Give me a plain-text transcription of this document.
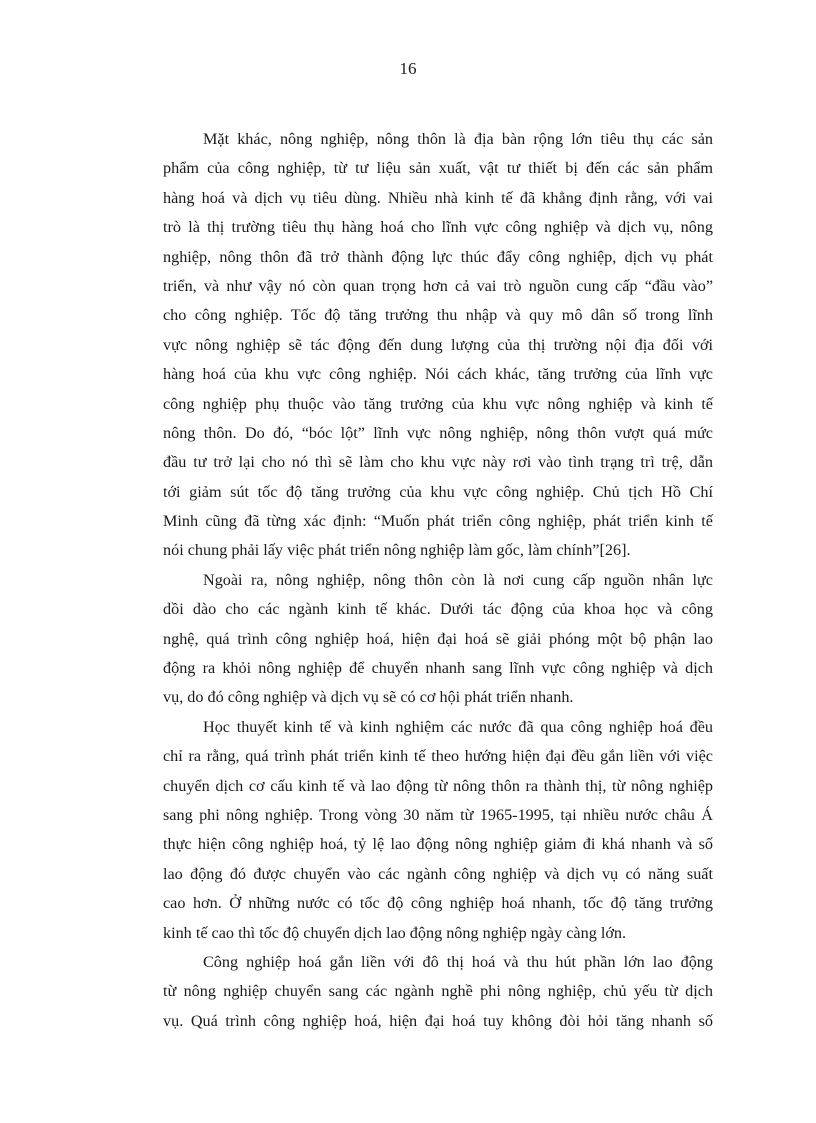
16
Mặt khác, nông nghiệp, nông thôn là địa bàn rộng lớn tiêu thụ các sản
phẩm của công nghiệp, từ tư liệu sản xuất, vật tư thiết bị đến các sản phẩm
hàng hoá và dịch vụ tiêu dùng. Nhiều nhà kinh tế đã khẳng định rằng, với vai
trò là thị trường tiêu thụ hàng hoá cho lĩnh vực công nghiệp và dịch vụ, nông
nghiệp, nông thôn đã trở thành động lực thúc đẩy công nghiệp, dịch vụ phát
triển, và như vậy nó còn quan trọng hơn cả vai trò nguồn cung cấp “đầu vào”
cho công nghiệp. Tốc độ tăng trưởng thu nhập và quy mô dân số trong lĩnh
vực nông nghiệp sẽ tác động đến dung lượng của thị trường nội địa đối với
hàng hoá của khu vực công nghiệp. Nói cách khác, tăng trưởng của lĩnh vực
công nghiệp phụ thuộc vào tăng trưởng của khu vực nông nghiệp và kinh tế
nông thôn. Do đó, “bóc lột” lĩnh vực nông nghiệp, nông thôn vượt quá mức
đầu tư trở lại cho nó thì sẽ làm cho khu vực này rơi vào tình trạng trì trệ, dẫn
tới giảm sút tốc độ tăng trưởng của khu vực công nghiệp. Chủ tịch Hồ Chí
Minh cũng đã từng xác định: “Muốn phát triển công nghiệp, phát triển kinh tế
nói chung phải lấy việc phát triển nông nghiệp làm gốc, làm chính”[26].
Ngoài ra, nông nghiệp, nông thôn còn là nơi cung cấp nguồn nhân lực
dồi dào cho các ngành kinh tế khác. Dưới tác động của khoa học và công
nghệ, quá trình công nghiệp hoá, hiện đại hoá sẽ giải phóng một bộ phận lao
động ra khỏi nông nghiệp để chuyển nhanh sang lĩnh vực công nghiệp và dịch
vụ, do đó công nghiệp và dịch vụ sẽ có cơ hội phát triển nhanh.
Học thuyết kinh tế và kinh nghiệm các nước đã qua công nghiệp hoá đều
chỉ ra rằng, quá trình phát triển kinh tế theo hướng hiện đại đều gắn liền với việc
chuyển dịch cơ cấu kinh tế và lao động từ nông thôn ra thành thị, từ nông nghiệp
sang phi nông nghiệp. Trong vòng 30 năm từ 1965-1995, tại nhiều nước châu Á
thực hiện công nghiệp hoá, tỷ lệ lao động nông nghiệp giảm đi khá nhanh và số
lao động đó được chuyển vào các ngành công nghiệp và dịch vụ có năng suất
cao hơn. Ở những nước có tốc độ công nghiệp hoá nhanh, tốc độ tăng trưởng
kinh tế cao thì tốc độ chuyển dịch lao động nông nghiệp ngày càng lớn.
Công nghiệp hoá gắn liền với đô thị hoá và thu hút phần lớn lao động
từ nông nghiệp chuyển sang các ngành nghề phi nông nghiệp, chủ yếu từ dịch
vụ. Quá trình công nghiệp hoá, hiện đại hoá tuy không đòi hỏi tăng nhanh số
